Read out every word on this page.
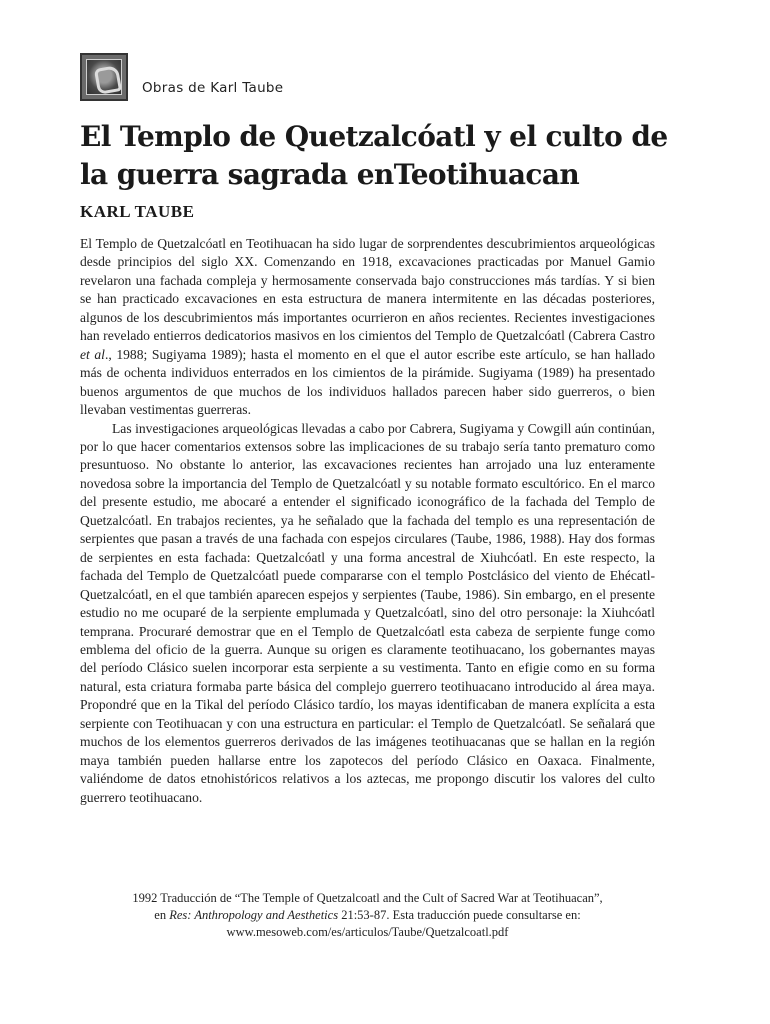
Obras de Karl Taube
El Templo de Quetzalcóatl y el culto de la guerra sagrada enTeotihuacan
KARL TAUBE

El Templo de Quetzalcóatl en Teotihuacan ha sido lugar de sorprendentes descubrimientos arqueológicas desde principios del siglo XX. Comenzando en 1918, excavaciones practicadas por Manuel Gamio revelaron una fachada compleja y hermosamente conservada bajo construcciones más tardías. Y si bien se han practicado excavaciones en esta estructura de manera intermitente en las décadas posteriores, algunos de los descubrimientos más importantes ocurrieron en años recientes. Recientes investigaciones han revelado entierros dedicatorios masivos en los cimientos del Templo de Quetzalcóatl (Cabrera Castro et al., 1988; Sugiyama 1989); hasta el momento en el que el autor escribe este artículo, se han hallado más de ochenta individuos enterrados en los cimientos de la pirámide. Sugiyama (1989) ha presentado buenos argumentos de que muchos de los individuos hallados parecen haber sido guerreros, o bien llevaban vestimentas guerreras.

Las investigaciones arqueológicas llevadas a cabo por Cabrera, Sugiyama y Cowgill aún continúan, por lo que hacer comentarios extensos sobre las implicaciones de su trabajo sería tanto prematuro como presuntuoso. No obstante lo anterior, las excavaciones recientes han arrojado una luz enteramente novedosa sobre la importancia del Templo de Quetzalcóatl y su notable formato escultórico. En el marco del presente estudio, me abocaré a entender el significado iconográfico de la fachada del Templo de Quetzalcóatl. En trabajos recientes, ya he señalado que la fachada del templo es una representación de serpientes que pasan a través de una fachada con espejos circulares (Taube, 1986, 1988). Hay dos formas de serpientes en esta fachada: Quetzalcóatl y una forma ancestral de Xiuhcóatl. En este respecto, la fachada del Templo de Quetzalcóatl puede compararse con el templo Postclásico del viento de Ehécatl-Quetzalcóatl, en el que también aparecen espejos y serpientes (Taube, 1986). Sin embargo, en el presente estudio no me ocuparé de la serpiente emplumada y Quetzalcóatl, sino del otro personaje: la Xiuhcóatl temprana. Procuraré demostrar que en el Templo de Quetzalcóatl esta cabeza de serpiente funge como emblema del oficio de la guerra. Aunque su origen es claramente teotihuacano, los gobernantes mayas del período Clásico suelen incorporar esta serpiente a su vestimenta. Tanto en efigie como en su forma natural, esta criatura formaba parte básica del complejo guerrero teotihuacano introducido al área maya. Propondré que en la Tikal del período Clásico tardío, los mayas identificaban de manera explícita a esta serpiente con Teotihuacan y con una estructura en particular: el Templo de Quetzalcóatl. Se señalará que muchos de los elementos guerreros derivados de las imágenes teotihuacanas que se hallan en la región maya también pueden hallarse entre los zapotecos del período Clásico en Oaxaca. Finalmente, valiéndome de datos etnohistóricos relativos a los aztecas, me propongo discutir los valores del culto guerrero teotihuacano.

1992 Traducción de “The Temple of Quetzalcoatl and the Cult of Sacred War at Teotihuacan”,
en Res: Anthropology and Aesthetics 21:53-87. Esta traducción puede consultarse en:
www.mesoweb.com/es/articulos/Taube/Quetzalcoatl.pdf
